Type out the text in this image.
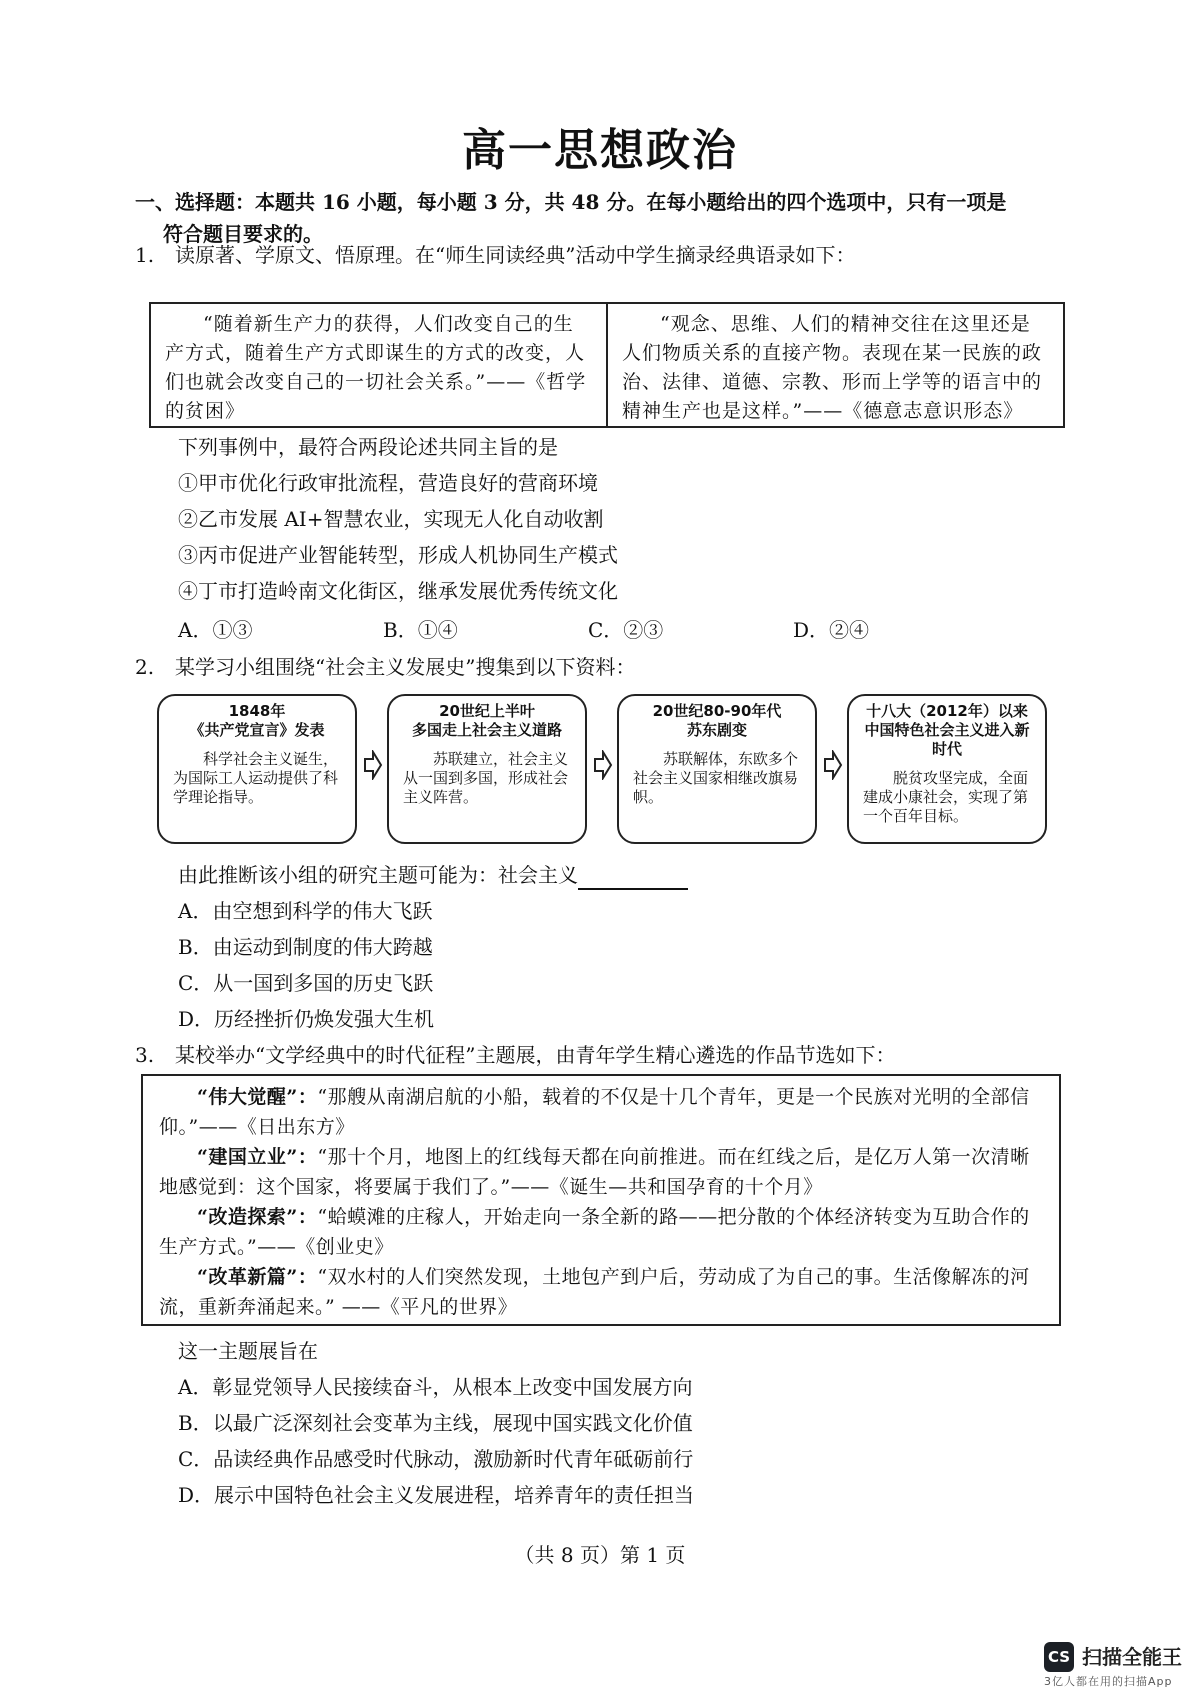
高一思想政治
一、选择题：本题共 16 小题，每小题 3 分，共 48 分。在每小题给出的四个选项中，只有一项是
符合题目要求的。
1. 读原著、学原文、悟原理。在“师生同读经典”活动中学生摘录经典语录如下：
“随着新生产力的获得，人们改变自己的生产方式，随着生产方式即谋生的方式的改变，人们也就会改变自己的一切社会关系。”——《哲学的贫困》
“观念、思维、人们的精神交往在这里还是人们物质关系的直接产物。表现在某一民族的政治、法律、道德、宗教、形而上学等的语言中的精神生产也是这样。”——《德意志意识形态》
下列事例中，最符合两段论述共同主旨的是
①甲市优化行政审批流程，营造良好的营商环境
②乙市发展 AI+智慧农业，实现无人化自动收割
③丙市促进产业智能转型，形成人机协同生产模式
④丁市打造岭南文化街区，继承发展优秀传统文化
A．①③	B．①④	C．②③	D．②④
2. 某学习小组围绕“社会主义发展史”搜集到以下资料：
1848年
《共产党宣言》发表
科学社会主义诞生，为国际工人运动提供了科学理论指导。
20世纪上半叶
多国走上社会主义道路
苏联建立，社会主义从一国到多国，形成社会主义阵营。
20世纪80-90年代
苏东剧变
苏联解体，东欧多个社会主义国家相继改旗易帜。
十八大（2012年）以来
中国特色社会主义进入新时代
脱贫攻坚完成，全面建成小康社会，实现了第一个百年目标。
由此推断该小组的研究主题可能为：社会主义
A．由空想到科学的伟大飞跃
B．由运动到制度的伟大跨越
C．从一国到多国的历史飞跃
D．历经挫折仍焕发强大生机
3. 某校举办“文学经典中的时代征程”主题展，由青年学生精心遴选的作品节选如下：

“伟大觉醒”：“那艘从南湖启航的小船，载着的不仅是十几个青年，更是一个民族对光明的全部信仰。”——《日出东方》

“建国立业”：“那十个月，地图上的红线每天都在向前推进。而在红线之后，是亿万人第一次清晰地感觉到：这个国家，将要属于我们了。”——《诞生—共和国孕育的十个月》

“改造探索”：“蛤蟆滩的庄稼人，开始走向一条全新的路——把分散的个体经济转变为互助合作的生产方式。”——《创业史》

“改革新篇”：“双水村的人们突然发现，土地包产到户后，劳动成了为自己的事。生活像解冻的河流，重新奔涌起来。” ——《平凡的世界》

这一主题展旨在
A．彰显党领导人民接续奋斗，从根本上改变中国发展方向
B．以最广泛深刻社会变革为主线，展现中国实践文化价值
C．品读经典作品感受时代脉动，激励新时代青年砥砺前行
D．展示中国特色社会主义发展进程，培养青年的责任担当
（共 8 页）第 1 页
CS 扫描全能王
3亿人都在用的扫描App
